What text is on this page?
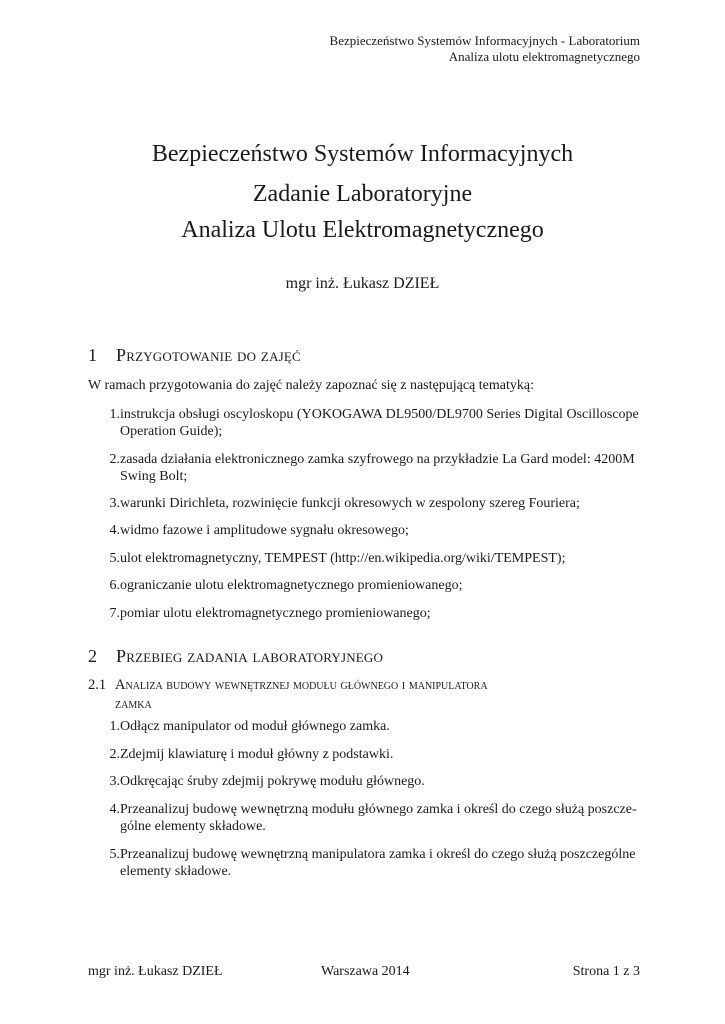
Bezpieczeństwo Systemów Informacyjnych - Laboratorium
Analiza ulotu elektromagnetycznego
Bezpieczeństwo Systemów Informacyjnych
Zadanie Laboratoryjne
Analiza Ulotu Elektromagnetycznego
mgr inż. Łukasz DZIEŁ
1 Przygotowanie do zajęć
W ramach przygotowania do zajęć należy zapoznać się z następującą tematyką:
1. instrukcja obsługi oscyloskopu (YOKOGAWA DL9500/DL9700 Series Digital Oscilloscope Operation Guide);
2. zasada działania elektronicznego zamka szyfrowego na przykładzie La Gard model: 4200M Swing Bolt;
3. warunki Dirichleta, rozwinięcie funkcji okresowych w zespolony szereg Fouriera;
4. widmo fazowe i amplitudowe sygnału okresowego;
5. ulot elektromagnetyczny, TEMPEST (http://en.wikipedia.org/wiki/TEMPEST);
6. ograniczanie ulotu elektromagnetycznego promieniowanego;
7. pomiar ulotu elektromagnetycznego promieniowanego;
2 Przebieg zadania laboratoryjnego
2.1 Analiza budowy wewnętrznej modułu głównego i manipulatora
zamka
1. Odłącz manipulator od moduł głównego zamka.
2. Zdejmij klawiaturę i moduł główny z podstawki.
3. Odkręcając śruby zdejmij pokrywę modułu głównego.
4. Przeanalizuj budowę wewnętrzną modułu głównego zamka i określ do czego służą poszcze-gólne elementy składowe.
5. Przeanalizuj budowę wewnętrzną manipulatora zamka i określ do czego służą poszczególne elementy składowe.
mgr inż. Łukasz DZIEŁ	Warszawa 2014	Strona 1 z 3
